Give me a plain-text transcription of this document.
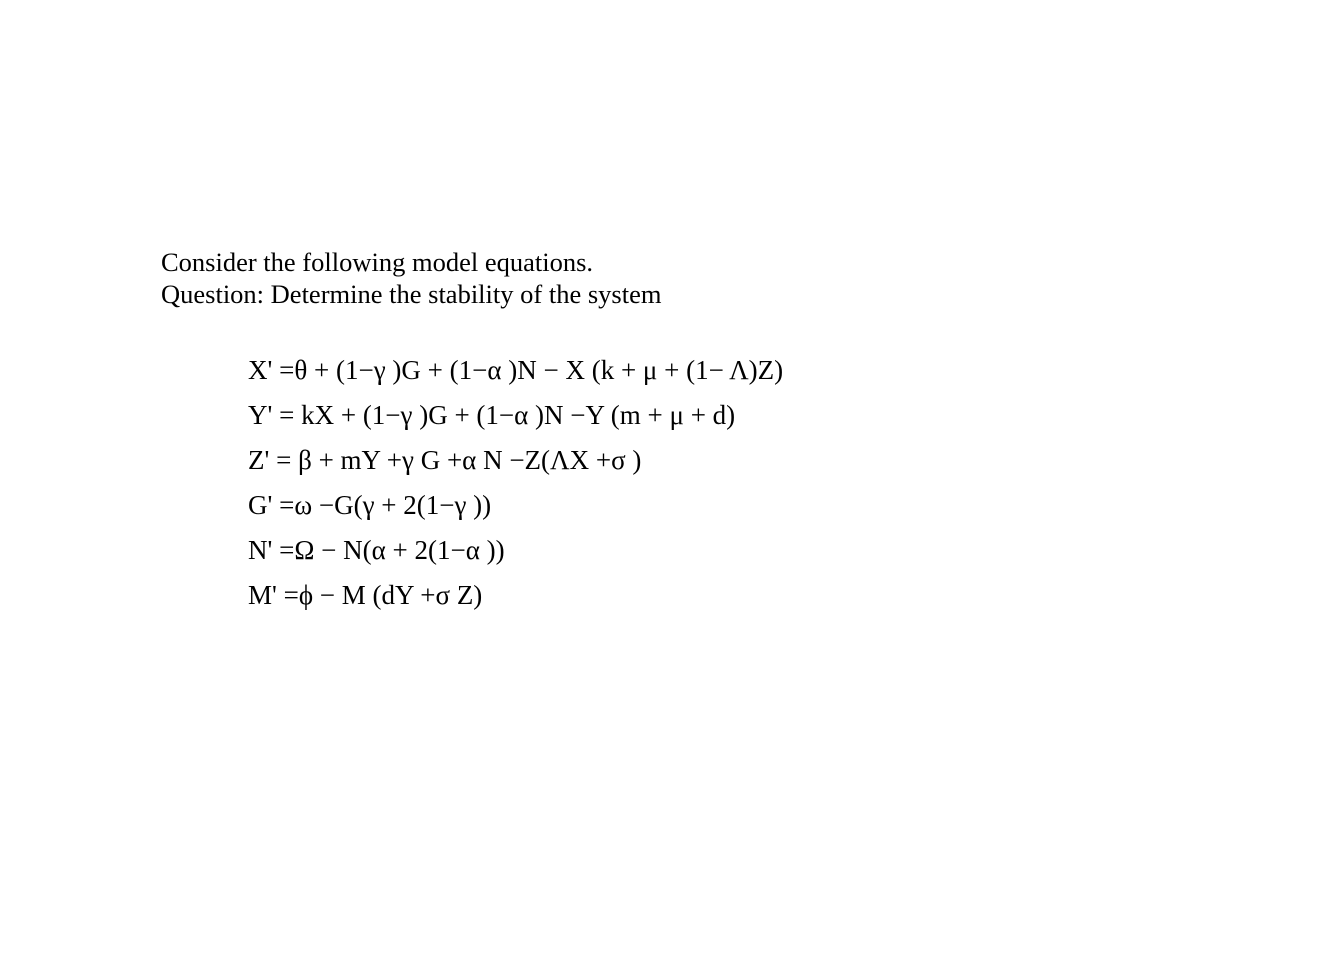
Consider the following model equations.
Question: Determine the stability of the system
X' =θ + (1−γ )G + (1−α )N − X (k + μ + (1− Λ)Z)
Y' = kX + (1−γ )G + (1−α )N −Y (m + μ + d)
Z' = β + mY +γ G +α N −Z(ΛX +σ )
G' =ω −G(γ + 2(1−γ ))
N' =Ω − N(α + 2(1−α ))
M' =ϕ − M (dY +σ Z)
